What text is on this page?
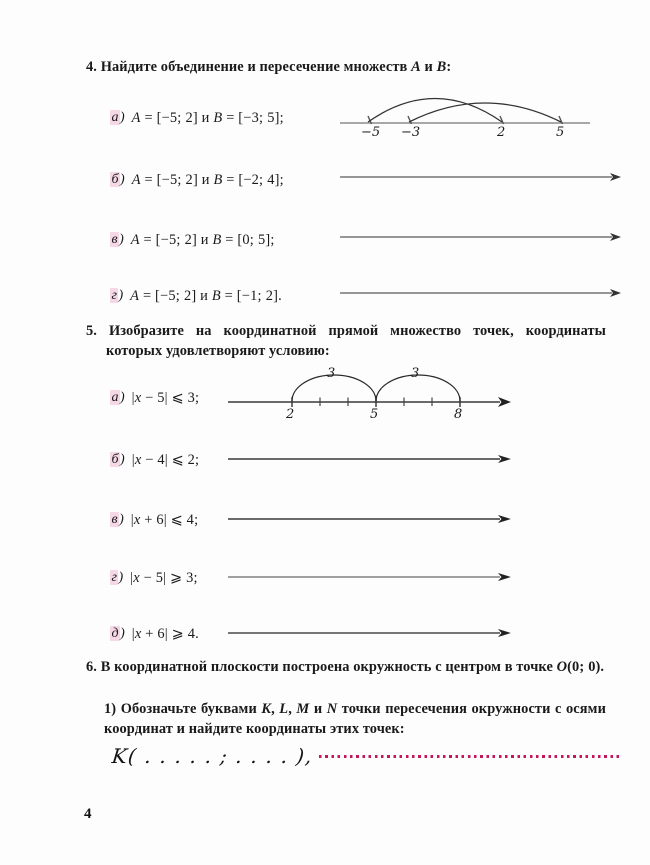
4. Найдите объединение и пересечение множеств A и B:
а ) A = [−5; 2] и B = [−3; 5];
−5 −3	2	5
б ) A = [−5; 2] и B = [−2; 4];
в ) A = [−5; 2] и B = [0; 5];
г ) A = [−5; 2] и B = [−1; 2].
5. Изобразите на координатной прямой множество точек, координаты которых удовлетворяют условию:
а ) |x − 5| ⩽ 3;
3	3
2	5	8
б ) |x − 4| ⩽ 2;
в ) |x + 6| ⩽ 4;
г ) |x − 5| ⩾ 3;
д ) |x + 6| ⩾ 4.
6. В координатной плоскости построена окружность с центром в точке O(0; 0).
1) Обозначьте буквами K, L, M и N точки пересечения окружности с осями координат и найдите координаты этих точек:
K( . . . . . ; . . . . ),
4
